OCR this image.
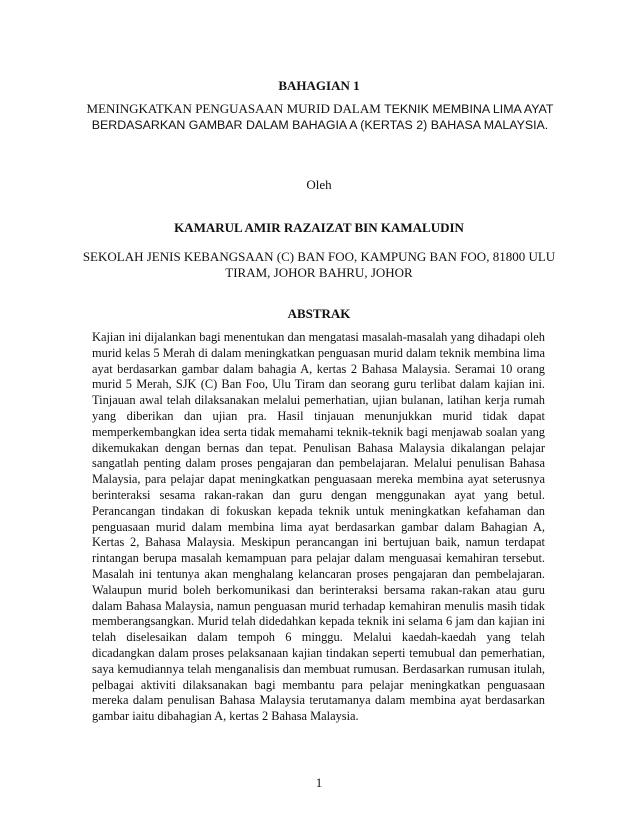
BAHAGIAN 1
MENINGKATKAN PENGUASAAN MURID DALAM TEKNIK MEMBINA LIMA AYAT BERDASARKAN GAMBAR DALAM BAHAGIA A (KERTAS 2) BAHASA MALAYSIA.
Oleh
KAMARUL AMIR RAZAIZAT BIN KAMALUDIN
SEKOLAH JENIS KEBANGSAAN (C) BAN FOO, KAMPUNG BAN FOO, 81800 ULU TIRAM, JOHOR BAHRU, JOHOR
ABSTRAK

Kajian ini dijalankan bagi menentukan dan mengatasi masalah-masalah yang dihadapi oleh murid kelas 5 Merah di dalam meningkatkan penguasan murid dalam teknik membina lima ayat berdasarkan gambar dalam bahagia A, kertas 2 Bahasa Malaysia. Seramai 10 orang murid 5 Merah, SJK (C) Ban Foo, Ulu Tiram dan seorang guru terlibat dalam kajian ini. Tinjauan awal telah dilaksanakan melalui pemerhatian, ujian bulanan, latihan kerja rumah yang diberikan dan ujian pra. Hasil tinjauan menunjukkan murid tidak dapat memperkembangkan idea serta tidak memahami teknik-teknik bagi menjawab soalan yang dikemukakan dengan bernas dan tepat. Penulisan Bahasa Malaysia dikalangan pelajar sangatlah penting dalam proses pengajaran dan pembelajaran. Melalui penulisan Bahasa Malaysia, para pelajar dapat meningkatkan penguasaan mereka membina ayat seterusnya berinteraksi sesama rakan-rakan dan guru dengan menggunakan ayat yang betul. Perancangan tindakan di fokuskan kepada teknik untuk meningkatkan kefahaman dan penguasaan murid dalam membina lima ayat berdasarkan gambar dalam Bahagian A, Kertas 2, Bahasa Malaysia. Meskipun perancangan ini bertujuan baik, namun terdapat rintangan berupa masalah kemampuan para pelajar dalam menguasai kemahiran tersebut. Masalah ini tentunya akan menghalang kelancaran proses pengajaran dan pembelajaran. Walaupun murid boleh berkomunikasi dan berinteraksi bersama rakan-rakan atau guru dalam Bahasa Malaysia, namun penguasan murid terhadap kemahiran menulis masih tidak memberangsangkan. Murid telah didedahkan kepada teknik ini selama 6 jam dan kajian ini telah diselesaikan dalam tempoh 6 minggu. Melalui kaedah-kaedah yang telah dicadangkan dalam proses pelaksanaan kajian tindakan seperti temubual dan pemerhatian, saya kemudiannya telah menganalisis dan membuat rumusan. Berdasarkan rumusan itulah, pelbagai aktiviti dilaksanakan bagi membantu para pelajar meningkatkan penguasaan mereka dalam penulisan Bahasa Malaysia terutamanya dalam membina ayat berdasarkan gambar iaitu dibahagian A, kertas 2 Bahasa Malaysia.

1
